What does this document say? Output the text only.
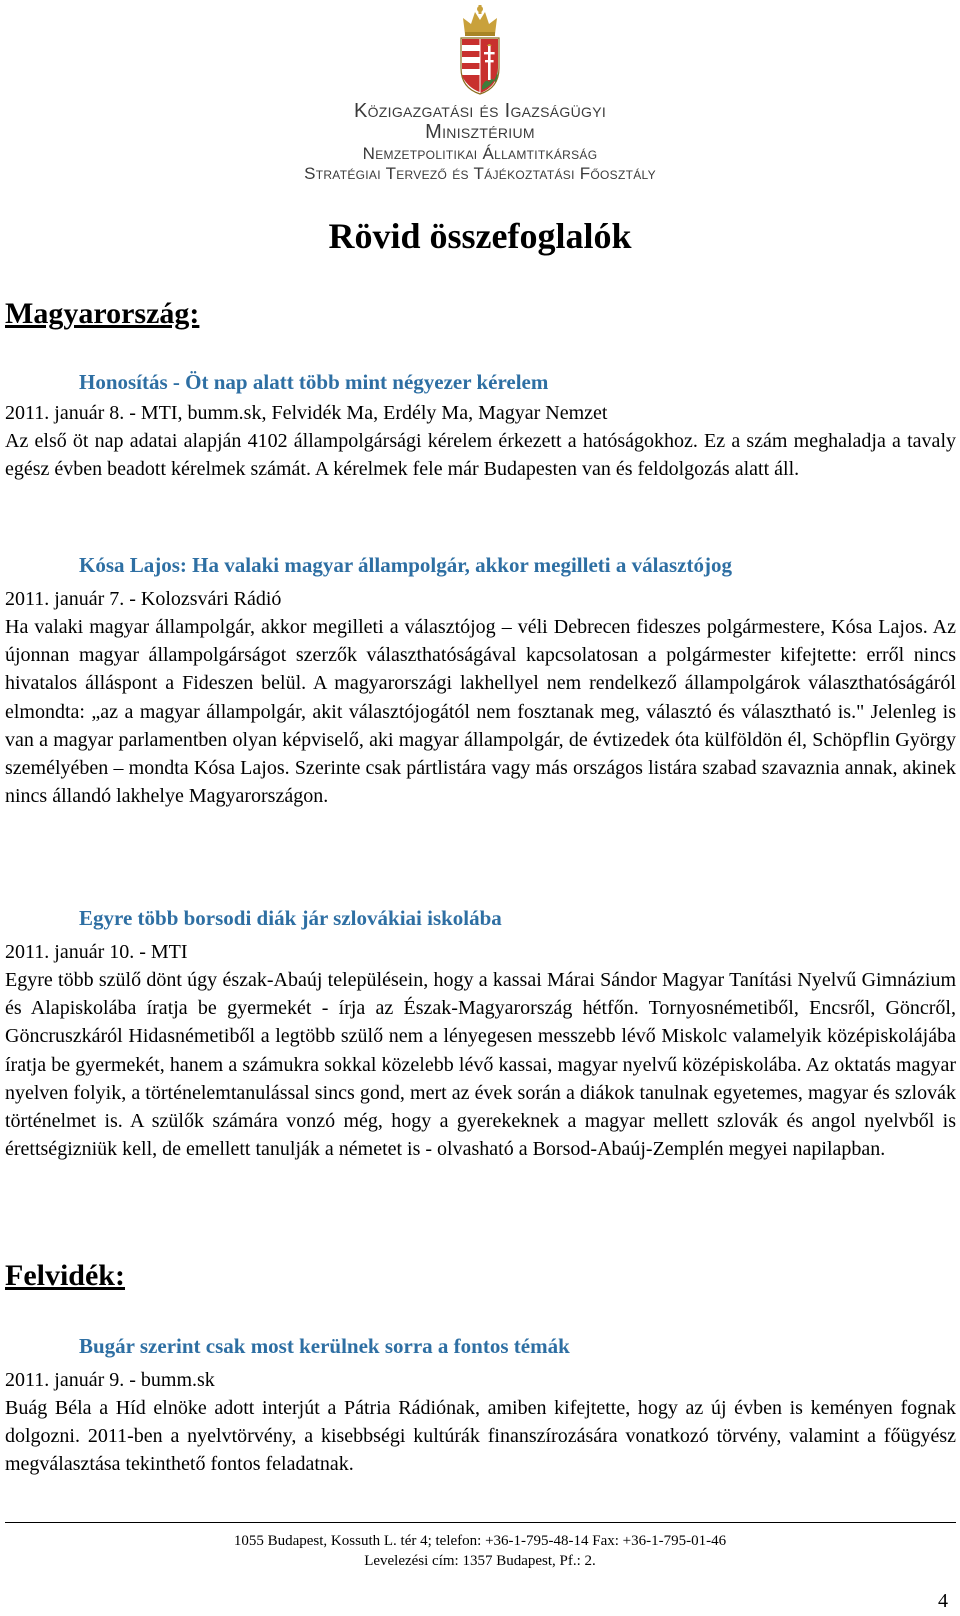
Közigazgatási és Igazságügyi
Minisztérium
Nemzetpolitikai Államtitkárság
Stratégiai Tervező és Tájékoztatási Főosztály
Rövid összefoglalók
Magyarország:
Honosítás - Öt nap alatt több mint négyezer kérelem
2011. január 8. - MTI, bumm.sk, Felvidék Ma, Erdély Ma, Magyar Nemzet

Az első öt nap adatai alapján 4102 állampolgársági kérelem érkezett a hatóságokhoz. Ez a szám meghaladja a tavaly egész évben beadott kérelmek számát. A kérelmek fele már Budapesten van és feldolgozás alatt áll.

Kósa Lajos: Ha valaki magyar állampolgár, akkor megilleti a választójog
2011. január 7. - Kolozsvári Rádió

Ha valaki magyar állampolgár, akkor megilleti a választójog – véli Debrecen fideszes polgármestere, Kósa Lajos. Az újonnan magyar állampolgárságot szerzők választhatóságával kapcsolatosan a polgármester kifejtette: erről nincs hivatalos álláspont a Fideszen belül. A magyarországi lakhellyel nem rendelkező állampolgárok választhatóságáról elmondta: „az a magyar állampolgár, akit választójogától nem fosztanak meg, választó és választható is." Jelenleg is van a magyar parlamentben olyan képviselő, aki magyar állampolgár, de évtizedek óta külföldön él, Schöpflin György személyében – mondta Kósa Lajos. Szerinte csak pártlistára vagy más országos listára szabad szavaznia annak, akinek nincs állandó lakhelye Magyarországon.

Egyre több borsodi diák jár szlovákiai iskolába
2011. január 10. - MTI

Egyre több szülő dönt úgy észak-Abaúj településein, hogy a kassai Márai Sándor Magyar Tanítási Nyelvű Gimnázium és Alapiskolába íratja be gyermekét - írja az Észak-Magyarország hétfőn. Tornyosnémetiből, Encsről, Göncről, Göncruszkáról Hidasnémetiből a legtöbb szülő nem a lényegesen messzebb lévő Miskolc valamelyik középiskolájába íratja be gyermekét, hanem a számukra sokkal közelebb lévő kassai, magyar nyelvű középiskolába. Az oktatás magyar nyelven folyik, a történelemtanulással sincs gond, mert az évek során a diákok tanulnak egyetemes, magyar és szlovák történelmet is. A szülők számára vonzó még, hogy a gyerekeknek a magyar mellett szlovák és angol nyelvből is érettségizniük kell, de emellett tanulják a németet is - olvasható a Borsod-Abaúj-Zemplén megyei napilapban.

Felvidék:
Bugár szerint csak most kerülnek sorra a fontos témák
2011. január 9. - bumm.sk

Buág Béla a Híd elnöke adott interjút a Pátria Rádiónak, amiben kifejtette, hogy az új évben is keményen fognak dolgozni. 2011-ben a nyelvtörvény, a kisebbségi kultúrák finanszírozására vonatkozó törvény, valamint a főügyész megválasztása tekinthető fontos feladatnak.

1055 Budapest, Kossuth L. tér 4; telefon: +36-1-795-48-14 Fax: +36-1-795-01-46
Levelezési cím: 1357 Budapest, Pf.: 2.
4
